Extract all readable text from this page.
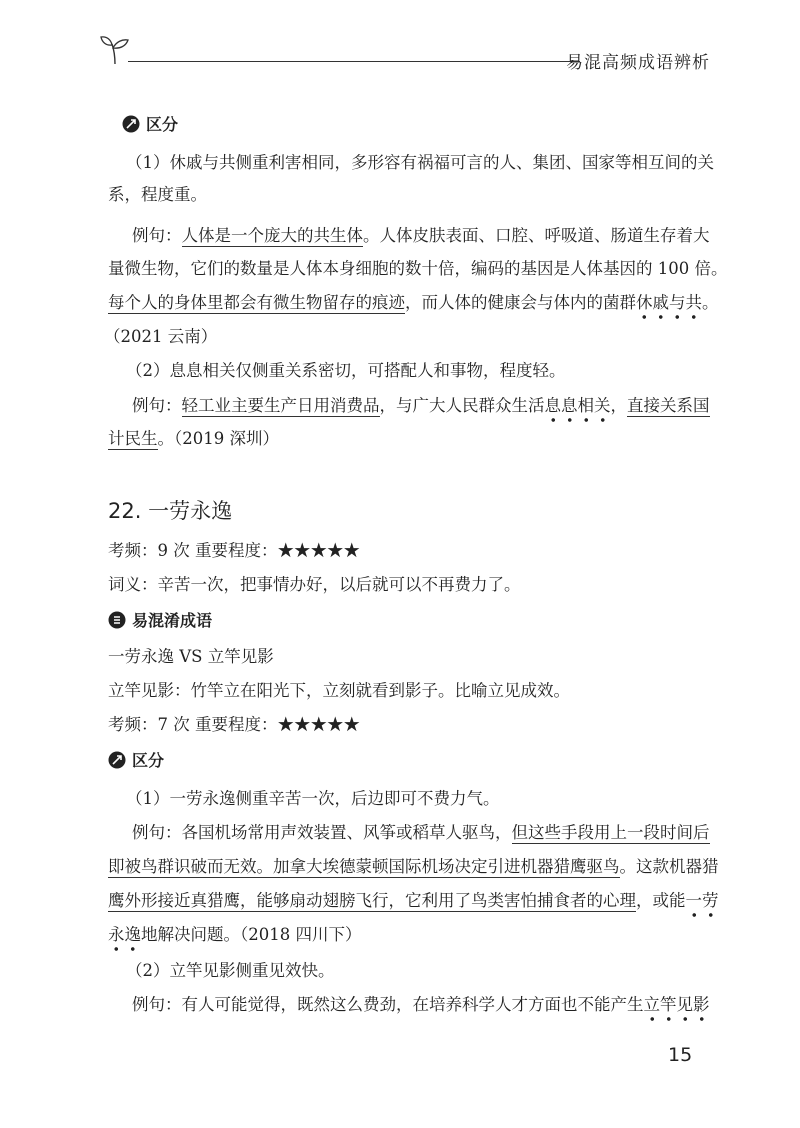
易混高频成语辨析
区分
（1）休戚与共侧重利害相同，多形容有祸福可言的人、集团、国家等相互间的关
系，程度重。
例句：人体是一个庞大的共生体。人体皮肤表面、口腔、呼吸道、肠道生存着大
量微生物，它们的数量是人体本身细胞的数十倍，编码的基因是人体基因的 100 倍。
每个人的身体里都会有微生物留存的痕迹，而人体的健康会与体内的菌群休戚与共。
（2021 云南）
（2）息息相关仅侧重关系密切，可搭配人和事物，程度轻。
例句：轻工业主要生产日用消费品，与广大人民群众生活息息相关，直接关系国
计民生。（2019 深圳）
22. 一劳永逸
考频：9 次 重要程度：★★★★★
词义：辛苦一次，把事情办好，以后就可以不再费力了。
易混淆成语
一劳永逸 VS 立竿见影
立竿见影：竹竿立在阳光下，立刻就看到影子。比喻立见成效。
考频：7 次 重要程度：★★★★★
区分
（1）一劳永逸侧重辛苦一次，后边即可不费力气。
例句：各国机场常用声效装置、风筝或稻草人驱鸟，但这些手段用上一段时间后
即被鸟群识破而无效。加拿大埃德蒙顿国际机场决定引进机器猎鹰驱鸟。这款机器猎
鹰外形接近真猎鹰，能够扇动翅膀飞行，它利用了鸟类害怕捕食者的心理，或能一劳
永逸地解决问题。（2018 四川下）
（2）立竿见影侧重见效快。
例句：有人可能觉得，既然这么费劲，在培养科学人才方面也不能产生立竿见影
15
